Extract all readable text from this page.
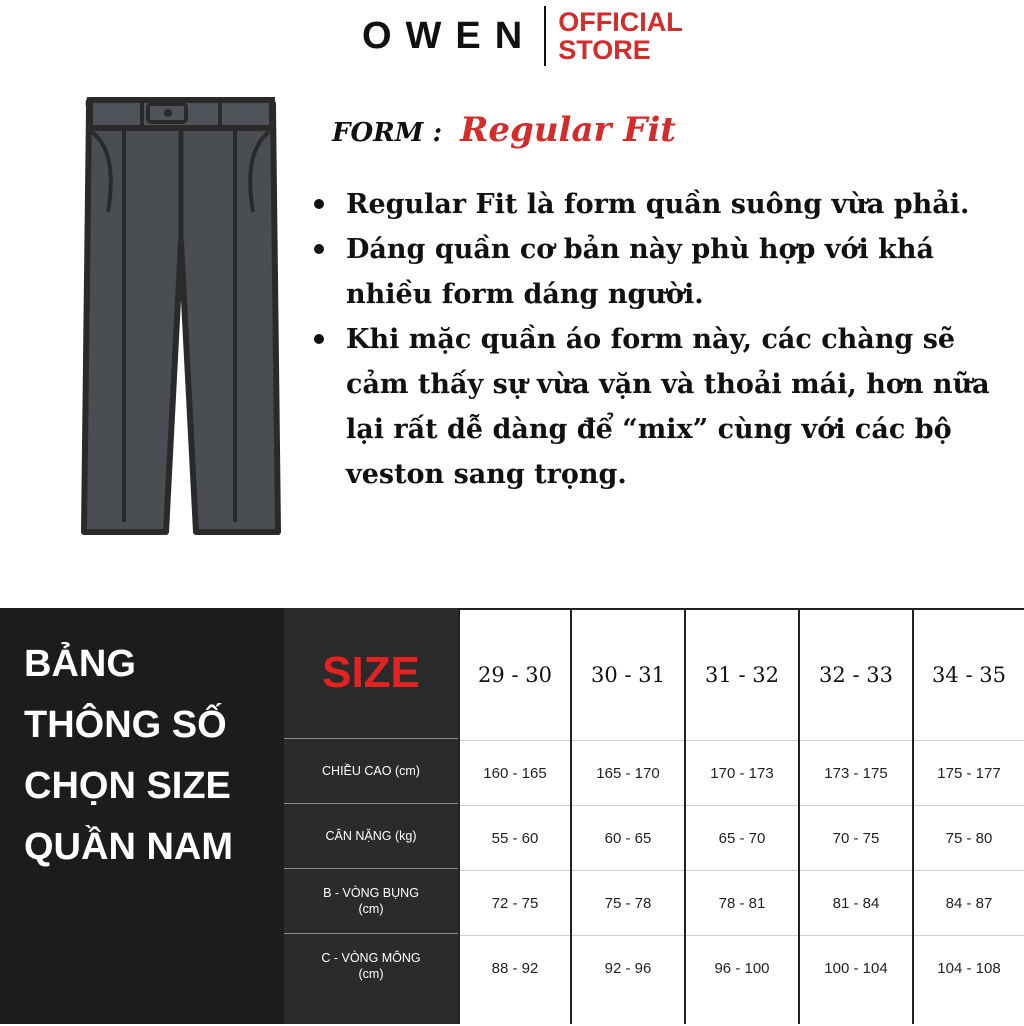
OWEN OFFICIAL
STORE
FORM : Regular Fit
Regular Fit là form quần suông vừa phải.
Dáng quần cơ bản này phù hợp với khá nhiều form dáng người.
Khi mặc quần áo form này, các chàng sẽ cảm thấy sự vừa vặn và thoải mái, hơn nữa lại rất dễ dàng để “mix” cùng với các bộ veston sang trọng.
BẢNG
THÔNG SỐ
CHỌN SIZE
QUẦN NAM
SIZE
CHIỀU CAO (cm)
CÂN NẶNG (kg)
B - VÒNG BỤNG (cm)
C - VÒNG MÔNG (cm)
29 - 30
160 - 165
55 - 60
72 - 75
88 - 92
30 - 31
165 - 170
60 - 65
75 - 78
92 - 96
31 - 32
170 - 173
65 - 70
78 - 81
96 - 100
32 - 33
173 - 175
70 - 75
81 - 84
100 - 104
34 - 35
175 - 177
75 - 80
84 - 87
104 - 108
